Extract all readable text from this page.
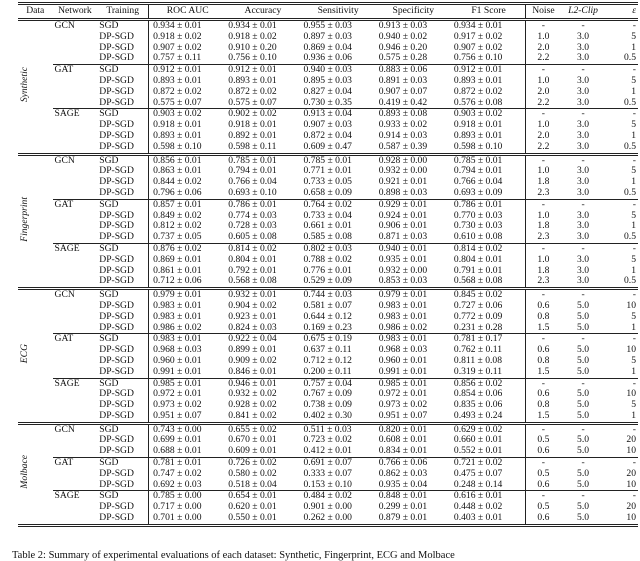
Data	Network	Training	ROC AUC	Accuracy	Sensitivity	Specificity	F1 Score	Noise	L2-Clip	ε

Synthetic	GCN	SGD	0.934 ± 0.01	0.934 ± 0.01	0.955 ± 0.03	0.913 ± 0.03	0.934 ± 0.01	-	-	-
		DP-SGD	0.918 ± 0.02	0.918 ± 0.02	0.897 ± 0.03	0.940 ± 0.02	0.917 ± 0.02	1.0	3.0	5
		DP-SGD	0.907 ± 0.02	0.910 ± 0.20	0.869 ± 0.04	0.946 ± 0.20	0.907 ± 0.02	2.0	3.0	1
		DP-SGD	0.757 ± 0.11	0.756 ± 0.10	0.936 ± 0.06	0.575 ± 0.28	0.756 ± 0.10	2.2	3.0	0.5
	GAT	SGD	0.912 ± 0.01	0.912 ± 0.01	0.940 ± 0.03	0.883 ± 0.06	0.912 ± 0.01	-	-	-
		DP-SGD	0.893 ± 0.01	0.893 ± 0.01	0.895 ± 0.03	0.891 ± 0.03	0.893 ± 0.01	1.0	3.0	5
		DP-SGD	0.872 ± 0.02	0.872 ± 0.02	0.827 ± 0.04	0.907 ± 0.07	0.872 ± 0.02	2.0	3.0	1
		DP-SGD	0.575 ± 0.07	0.575 ± 0.07	0.730 ± 0.35	0.419 ± 0.42	0.576 ± 0.08	2.2	3.0	0.5
	SAGE	SGD	0.903 ± 0.02	0.902 ± 0.02	0.913 ± 0.04	0.893 ± 0.08	0.903 ± 0.02	-	-	-
		DP-SGD	0.918 ± 0.01	0.918 ± 0.01	0.907 ± 0.03	0.933 ± 0.02	0.918 ± 0.01	1.0	3.0	5
		DP-SGD	0.893 ± 0.01	0.892 ± 0.01	0.872 ± 0.04	0.914 ± 0.03	0.893 ± 0.01	2.0	3.0	1
		DP-SGD	0.598 ± 0.10	0.598 ± 0.11	0.609 ± 0.47	0.587 ± 0.39	0.598 ± 0.10	2.2	3.0	0.5

Fingerprint	GCN	SGD	0.856 ± 0.01	0.785 ± 0.01	0.785 ± 0.01	0.928 ± 0.00	0.785 ± 0.01	-	-	-
		DP-SGD	0.863 ± 0.01	0.794 ± 0.01	0.771 ± 0.01	0.932 ± 0.00	0.794 ± 0.01	1.0	3.0	5
		DP-SGD	0.844 ± 0.02	0.766 ± 0.04	0.733 ± 0.05	0.921 ± 0.01	0.766 ± 0.04	1.8	3.0	1
		DP-SGD	0.796 ± 0.06	0.693 ± 0.10	0.658 ± 0.09	0.898 ± 0.03	0.693 ± 0.09	2.3	3.0	0.5
	GAT	SGD	0.857 ± 0.01	0.786 ± 0.01	0.764 ± 0.02	0.929 ± 0.01	0.786 ± 0.01	-	-	-
		DP-SGD	0.849 ± 0.02	0.774 ± 0.03	0.733 ± 0.04	0.924 ± 0.01	0.770 ± 0.03	1.0	3.0	5
		DP-SGD	0.812 ± 0.02	0.728 ± 0.03	0.661 ± 0.01	0.906 ± 0.01	0.730 ± 0.03	1.8	3.0	1
		DP-SGD	0.737 ± 0.05	0.605 ± 0.08	0.585 ± 0.08	0.871 ± 0.03	0.610 ± 0.08	2.3	3.0	0.5
	SAGE	SGD	0.876 ± 0.02	0.814 ± 0.02	0.802 ± 0.03	0.940 ± 0.01	0.814 ± 0.02	-	-	-
		DP-SGD	0.869 ± 0.01	0.804 ± 0.01	0.788 ± 0.02	0.935 ± 0.01	0.804 ± 0.01	1.0	3.0	5
		DP-SGD	0.861 ± 0.01	0.792 ± 0.01	0.776 ± 0.01	0.932 ± 0.00	0.791 ± 0.01	1.8	3.0	1
		DP-SGD	0.712 ± 0.06	0.568 ± 0.08	0.529 ± 0.09	0.853 ± 0.03	0.568 ± 0.08	2.3	3.0	0.5

ECG	GCN	SGD	0.979 ± 0.01	0.932 ± 0.01	0.744 ± 0.03	0.979 ± 0.01	0.845 ± 0.02	-	-	-
		DP-SGD	0.983 ± 0.01	0.904 ± 0.02	0.581 ± 0.07	0.983 ± 0.01	0.727 ± 0.06	0.6	5.0	10
		DP-SGD	0.983 ± 0.01	0.923 ± 0.01	0.644 ± 0.12	0.983 ± 0.01	0.772 ± 0.09	0.8	5.0	5
		DP-SGD	0.986 ± 0.02	0.824 ± 0.03	0.169 ± 0.23	0.986 ± 0.02	0.231 ± 0.28	1.5	5.0	1
	GAT	SGD	0.983 ± 0.01	0.922 ± 0.04	0.675 ± 0.19	0.983 ± 0.01	0.781 ± 0.17	-	-	-
		DP-SGD	0.968 ± 0.03	0.899 ± 0.01	0.637 ± 0.11	0.968 ± 0.03	0.762 ± 0.11	0.6	5.0	10
		DP-SGD	0.960 ± 0.01	0.909 ± 0.02	0.712 ± 0.12	0.960 ± 0.01	0.811 ± 0.08	0.8	5.0	5
		DP-SGD	0.991 ± 0.01	0.846 ± 0.01	0.200 ± 0.11	0.991 ± 0.01	0.319 ± 0.11	1.5	5.0	1
	SAGE	SGD	0.985 ± 0.01	0.946 ± 0.01	0.757 ± 0.04	0.985 ± 0.01	0.856 ± 0.02	-	-	-
		DP-SGD	0.972 ± 0.01	0.932 ± 0.02	0.767 ± 0.09	0.972 ± 0.01	0.854 ± 0.06	0.6	5.0	10
		DP-SGD	0.973 ± 0.02	0.928 ± 0.02	0.738 ± 0.09	0.973 ± 0.02	0.835 ± 0.06	0.8	5.0	5
		DP-SGD	0.951 ± 0.07	0.841 ± 0.02	0.402 ± 0.30	0.951 ± 0.07	0.493 ± 0.24	1.5	5.0	1

Molbace	GCN	SGD	0.743 ± 0.00	0.655 ± 0.02	0.511 ± 0.03	0.820 ± 0.01	0.629 ± 0.02	-	-	-
		DP-SGD	0.699 ± 0.01	0.670 ± 0.01	0.723 ± 0.02	0.608 ± 0.01	0.660 ± 0.01	0.5	5.0	20
		DP-SGD	0.688 ± 0.01	0.609 ± 0.01	0.412 ± 0.01	0.834 ± 0.01	0.552 ± 0.01	0.6	5.0	10
	GAT	SGD	0.781 ± 0.01	0.726 ± 0.02	0.691 ± 0.07	0.766 ± 0.06	0.721 ± 0.02	-	-	-
		DP-SGD	0.747 ± 0.02	0.580 ± 0.02	0.333 ± 0.07	0.862 ± 0.03	0.475 ± 0.07	0.5	5.0	20
		DP-SGD	0.692 ± 0.03	0.518 ± 0.04	0.153 ± 0.10	0.935 ± 0.04	0.248 ± 0.14	0.6	5.0	10
	SAGE	SGD	0.785 ± 0.00	0.654 ± 0.01	0.484 ± 0.02	0.848 ± 0.01	0.616 ± 0.01	-	-	-
		DP-SGD	0.717 ± 0.00	0.620 ± 0.01	0.901 ± 0.00	0.299 ± 0.01	0.448 ± 0.02	0.5	5.0	20
		DP-SGD	0.701 ± 0.00	0.550 ± 0.01	0.262 ± 0.00	0.879 ± 0.01	0.403 ± 0.01	0.6	5.0	10
Table 2: Summary of experimental evaluations of each dataset: Synthetic, Fingerprint, ECG and Molbace
